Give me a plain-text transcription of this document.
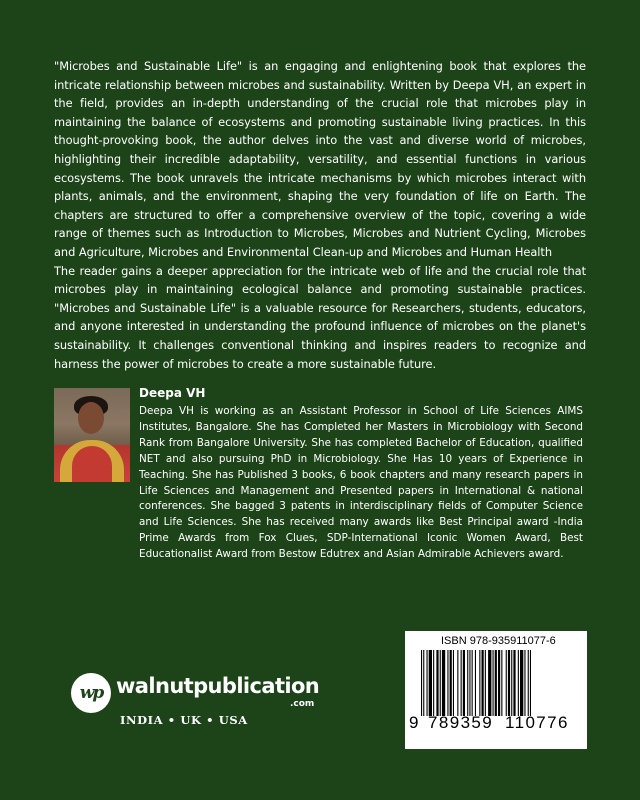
"Microbes and Sustainable Life" is an engaging and enlightening book that explores the intricate relationship between microbes and sustainability. Written by Deepa VH, an expert in the field, provides an in-depth understanding of the crucial role that microbes play in maintaining the balance of ecosystems and promoting sustainable living practices. In this thought-provoking book, the author delves into the vast and diverse world of microbes, highlighting their incredible adaptability, versatility, and essential functions in various ecosystems. The book unravels the intricate mechanisms by which microbes interact with plants, animals, and the environment, shaping the very foundation of life on Earth. The chapters are structured to offer a comprehensive overview of the topic, covering a wide range of themes such as Introduction to Microbes, Microbes and Nutrient Cycling, Microbes and Agriculture, Microbes and Environmental Clean-up and Microbes and Human Health

The reader gains a deeper appreciation for the intricate web of life and the crucial role that microbes play in maintaining ecological balance and promoting sustainable practices. "Microbes and Sustainable Life" is a valuable resource for Researchers, students, educators, and anyone interested in understanding the profound influence of microbes on the planet's sustainability. It challenges conventional thinking and inspires readers to recognize and harness the power of microbes to create a more sustainable future.

Deepa VH
Deepa VH is working as an Assistant Professor in School of Life Sciences AIMS Institutes, Bangalore. She has Completed her Masters in Microbiology with Second Rank from Bangalore University. She has completed Bachelor of Education, qualified NET and also pursuing PhD in Microbiology. She Has 10 years of Experience in Teaching. She has Published 3 books, 6 book chapters and many research papers in Life Sciences and Management and Presented papers in International & national conferences. She bagged 3 patents in interdisciplinary fields of Computer Science and Life Sciences. She has received many awards like Best Principal award -India Prime Awards from Fox Clues, SDP-International Iconic Women Award, Best Educationalist Award from Bestow Edutrex and Asian Admirable Achievers award.
wp walnutpublication
.com
INDIA • UK • USA
ISBN 978-935911077-6
9 789359 110776
